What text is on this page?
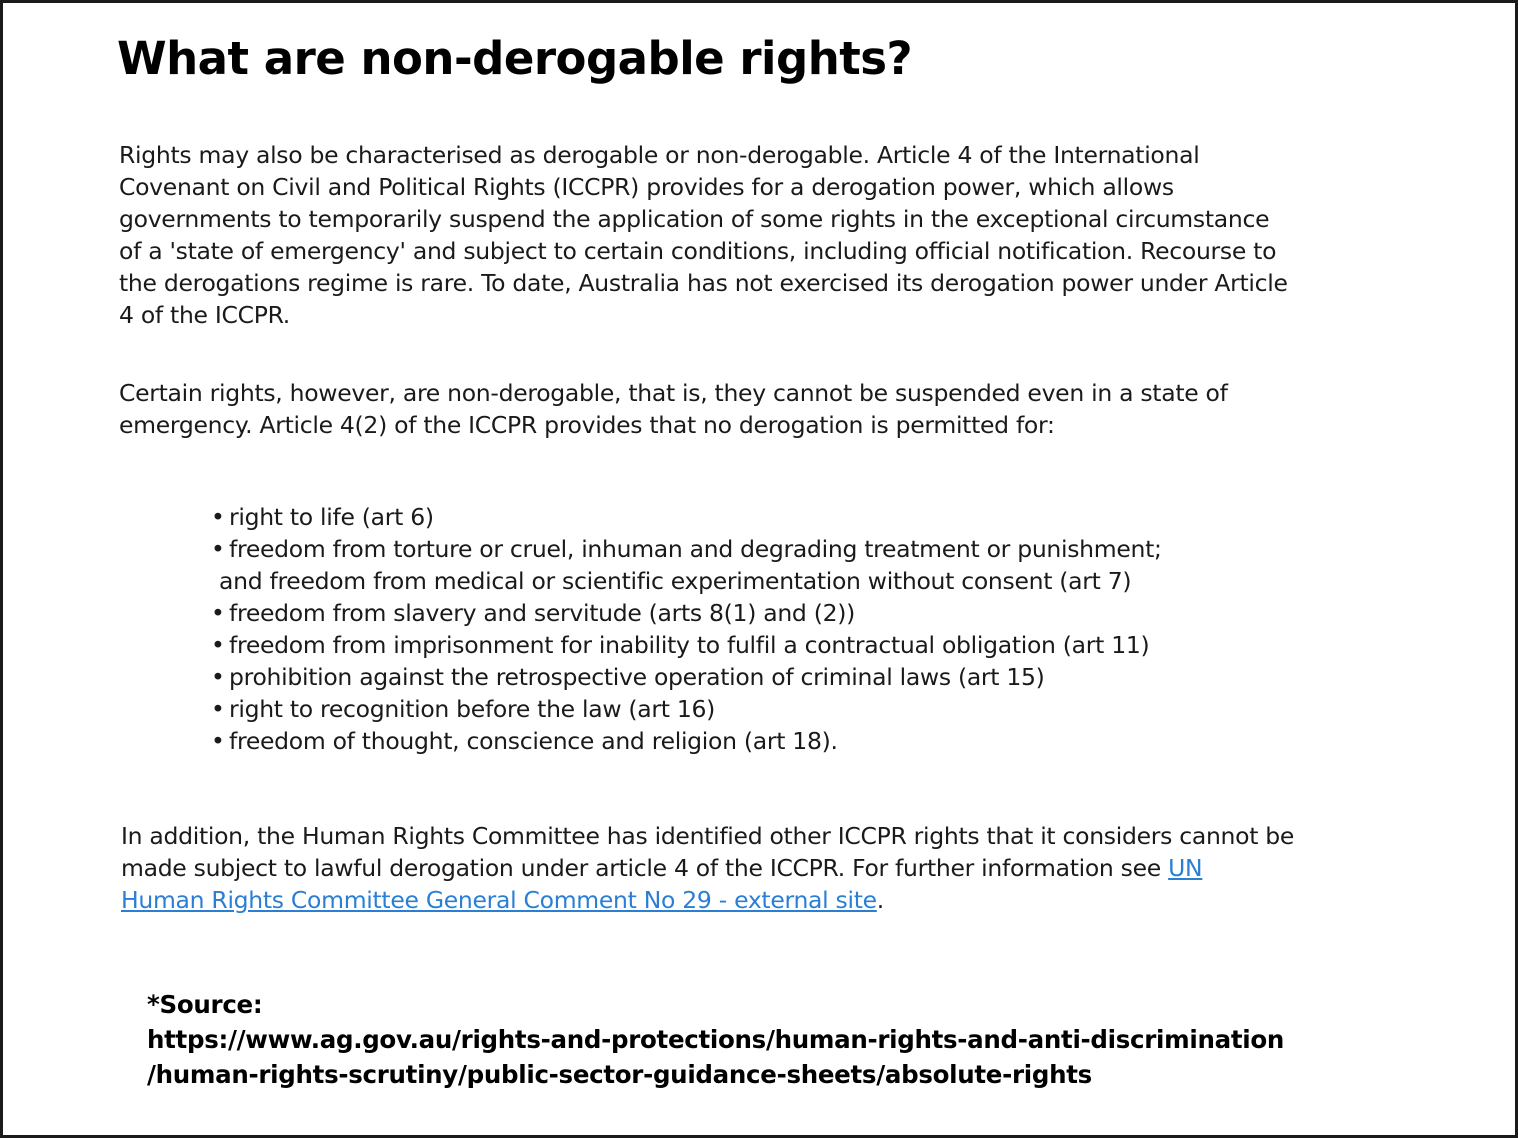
What are non-derogable rights?

Rights may also be characterised as derogable or non-derogable. Article 4 of the International
Covenant on Civil and Political Rights (ICCPR) provides for a derogation power, which allows
governments to temporarily suspend the application of some rights in the exceptional circumstance
of a 'state of emergency' and subject to certain conditions, including official notification. Recourse to
the derogations regime is rare. To date, Australia has not exercised its derogation power under Article
4 of the ICCPR.

Certain rights, however, are non-derogable, that is, they cannot be suspended even in a state of
emergency. Article 4(2) of the ICCPR provides that no derogation is permitted for:

• right to life (art 6)
• freedom from torture or cruel, inhuman and degrading treatment or punishment;
and freedom from medical or scientific experimentation without consent (art 7)
• freedom from slavery and servitude (arts 8(1) and (2))
• freedom from imprisonment for inability to fulfil a contractual obligation (art 11)
• prohibition against the retrospective operation of criminal laws (art 15)
• right to recognition before the law (art 16)
• freedom of thought, conscience and religion (art 18).

In addition, the Human Rights Committee has identified other ICCPR rights that it considers cannot be
made subject to lawful derogation under article 4 of the ICCPR. For further information see UN
Human Rights Committee General Comment No 29 - external site.

*Source:
https://www.ag.gov.au/rights-and-protections/human-rights-and-anti-discrimination
/human-rights-scrutiny/public-sector-guidance-sheets/absolute-rights
